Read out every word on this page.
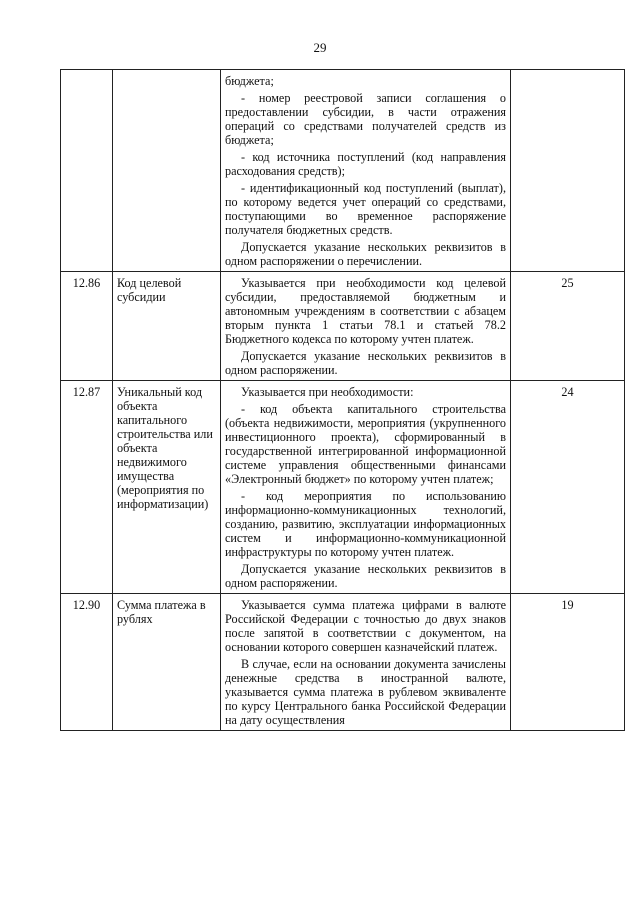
29

		бюджета;

- номер реестровой записи соглашения о предоставлении субсидии, в части отражения операций со средствами получателей средств из бюджета;

- код источника поступлений (код направления расходования средств);

- идентификационный код поступлений (выплат), по которому ведется учет операций со средствами, поступающими во временное распоряжение получателя бюджетных средств.

Допускается указание нескольких реквизитов в одном распоряжении о перечислении.	

12.86	Код целевой субсидии	Указывается при необходимости код целевой субсидии, предоставляемой бюджетным и автономным учреждениям в соответствии с абзацем вторым пункта 1 статьи 78.1 и статьей 78.2 Бюджетного кодекса по которому учтен платеж.

Допускается указание нескольких реквизитов в одном распоряжении.	25
12.87	Уникальный код объекта капитального строительства или объекта недвижимого имущества (мероприятия по информатизации)	Указывается при необходимости:

- код объекта капитального строительства (объекта недвижимости, мероприятия (укрупненного инвестиционного проекта), сформированный в государственной интегрированной информационной системе управления общественными финансами «Электронный бюджет» по которому учтен платеж;

- код мероприятия по использованию информационно-коммуникационных технологий, созданию, развитию, эксплуатации информационных систем и информационно-коммуникационной инфраструктуры по которому учтен платеж.

Допускается указание нескольких реквизитов в одном распоряжении.	24
12.90	Сумма платежа в рублях	Указывается сумма платежа цифрами в валюте Российской Федерации с точностью до двух знаков после запятой в соответствии с документом, на основании которого совершен казначейский платеж.

В случае, если на основании документа зачислены денежные средства в иностранной валюте, указывается сумма платежа в рублевом эквиваленте по курсу Центрального банка Российской Федерации на дату осуществления	19
